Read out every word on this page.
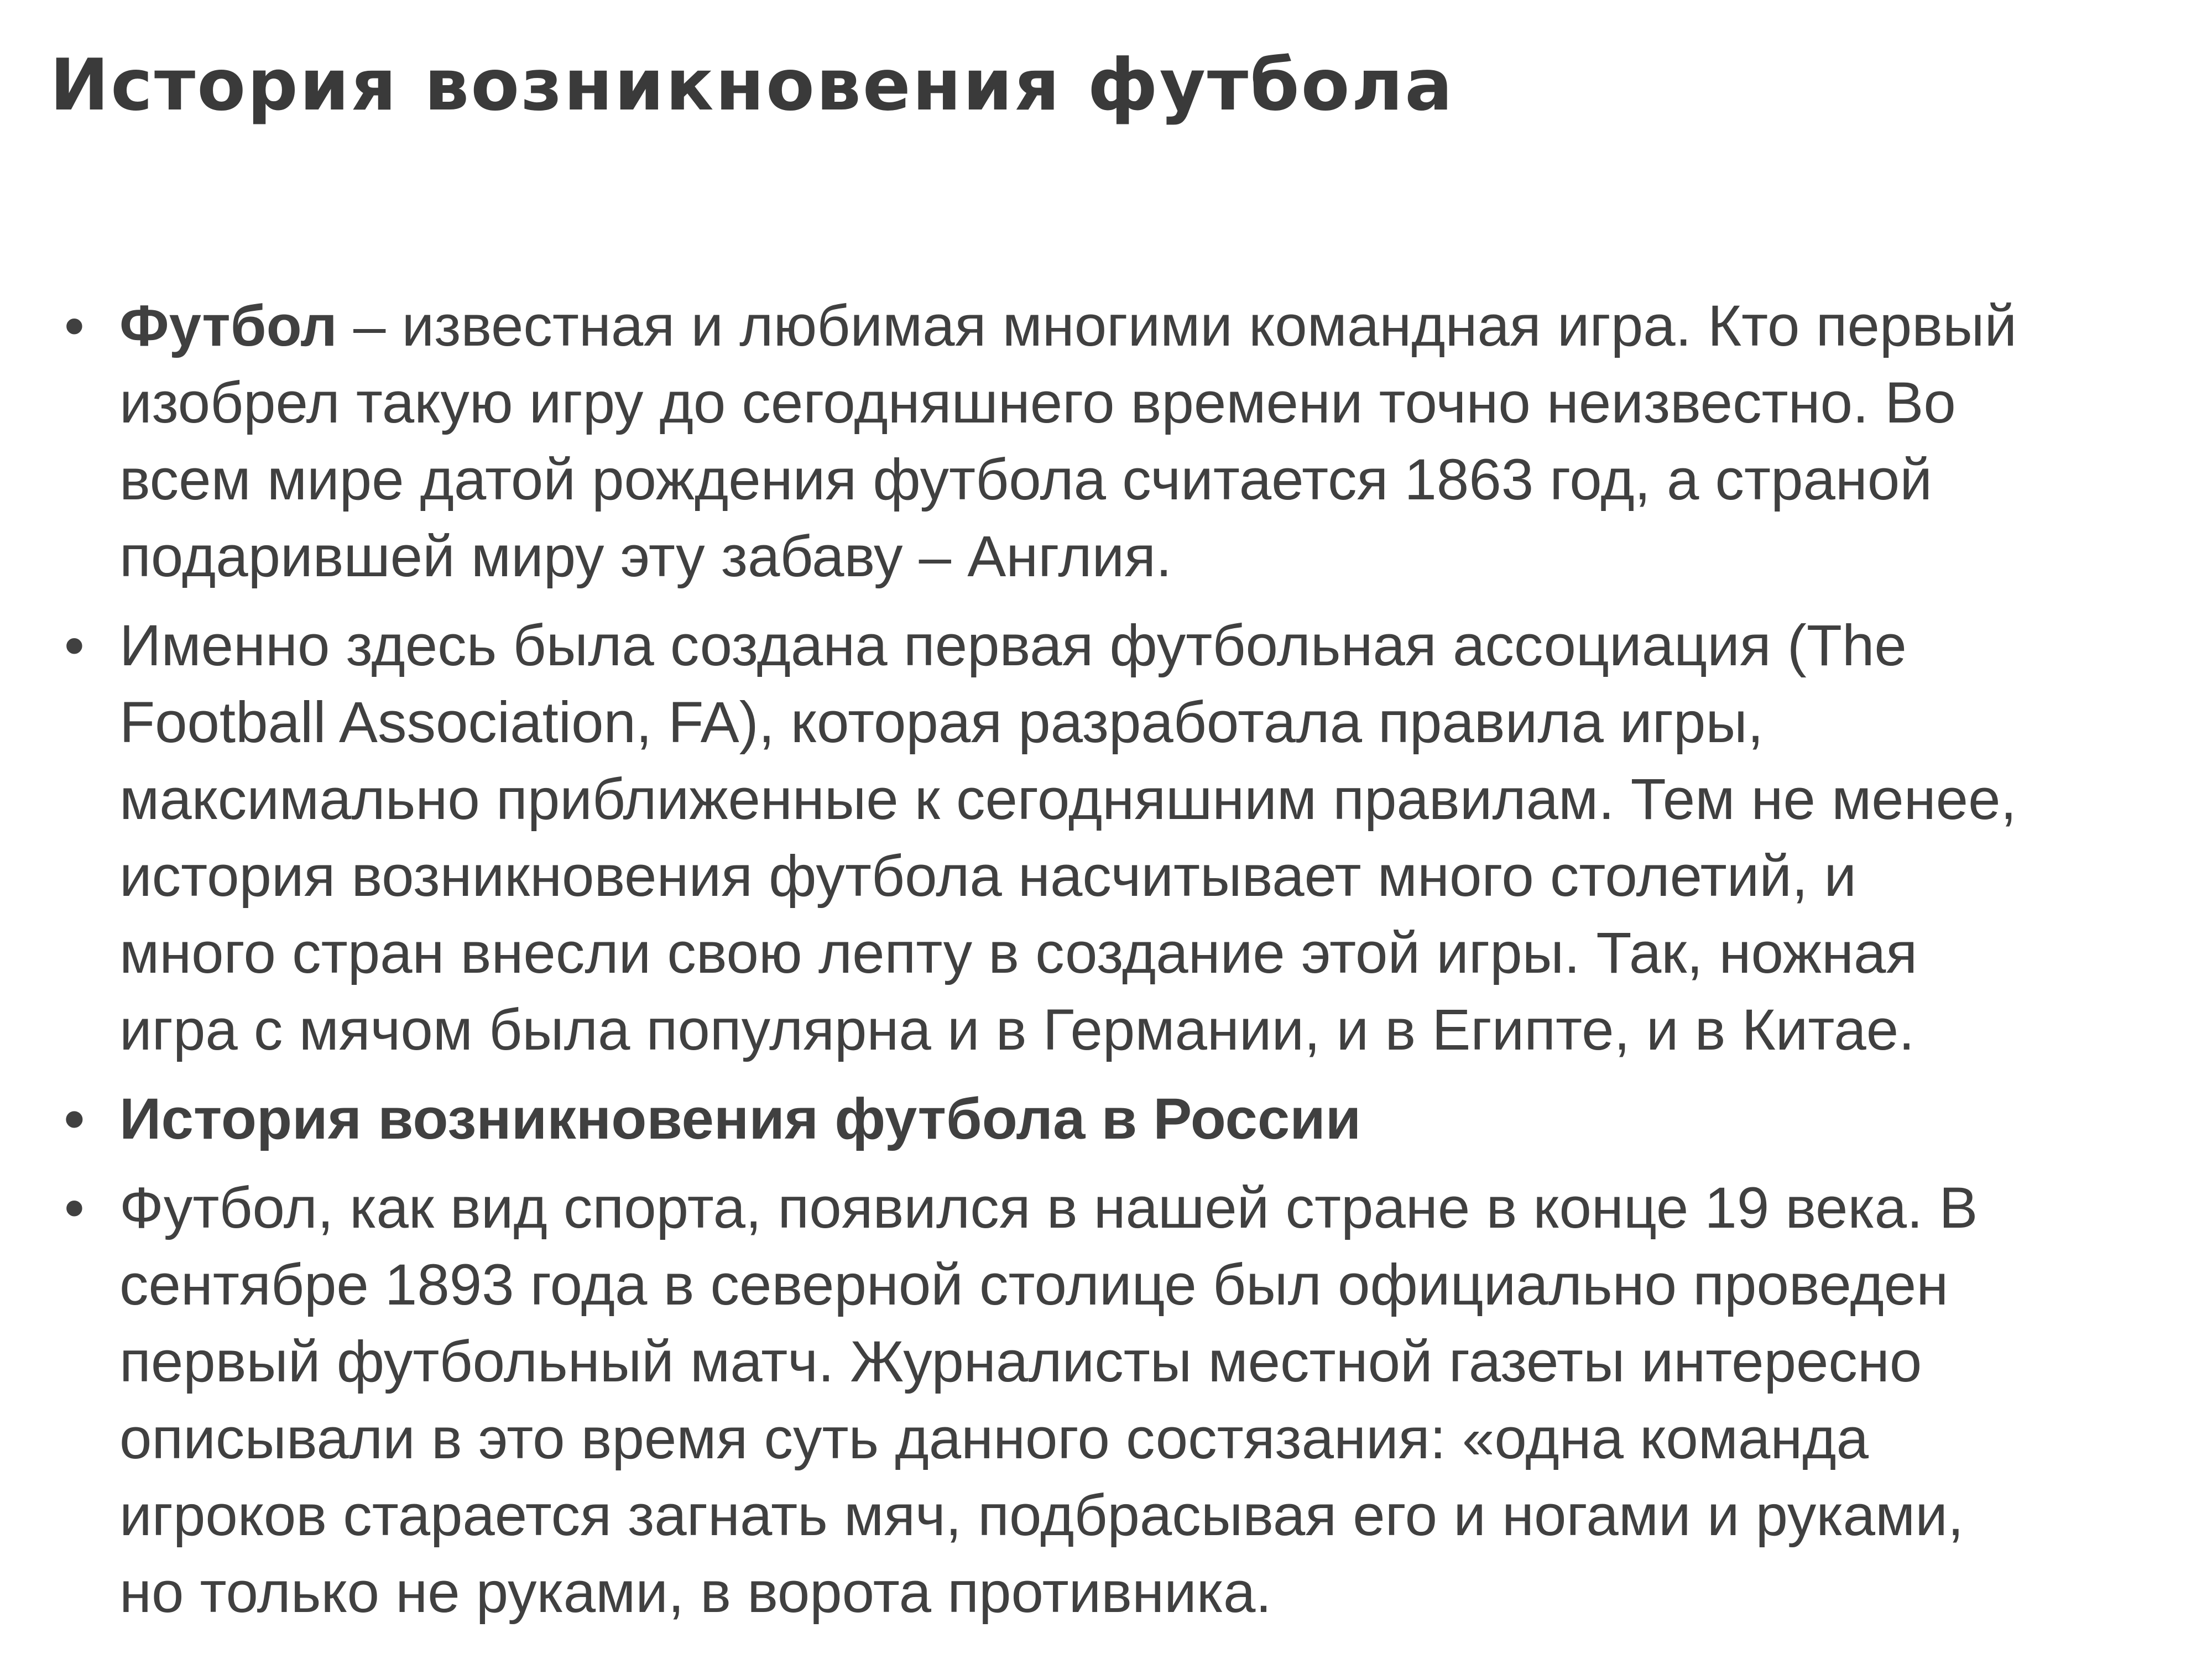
История возникновения футбола
• Футбол – известная и любимая многими командная игра. Кто первый
изобрел такую игру до сегодняшнего времени точно неизвестно. Во
всем мире датой рождения футбола считается 1863 год, а страной
подарившей миру эту забаву – Англия.
• Именно здесь была создана первая футбольная ассоциация (The
Football Association, FA), которая разработала правила игры,
максимально приближенные к сегодняшним правилам. Тем не менее,
история возникновения футбола насчитывает много столетий, и
много стран внесли свою лепту в создание этой игры. Так, ножная
игра с мячом была популярна и в Германии, и в Египте, и в Китае.
• История возникновения футбола в России
• Футбол, как вид спорта, появился в нашей стране в конце 19 века. В
сентябре 1893 года в северной столице был официально проведен
первый футбольный матч. Журналисты местной газеты интересно
описывали в это время суть данного состязания: «одна команда
игроков старается загнать мяч, подбрасывая его и ногами и руками,
но только не руками, в ворота противника.
